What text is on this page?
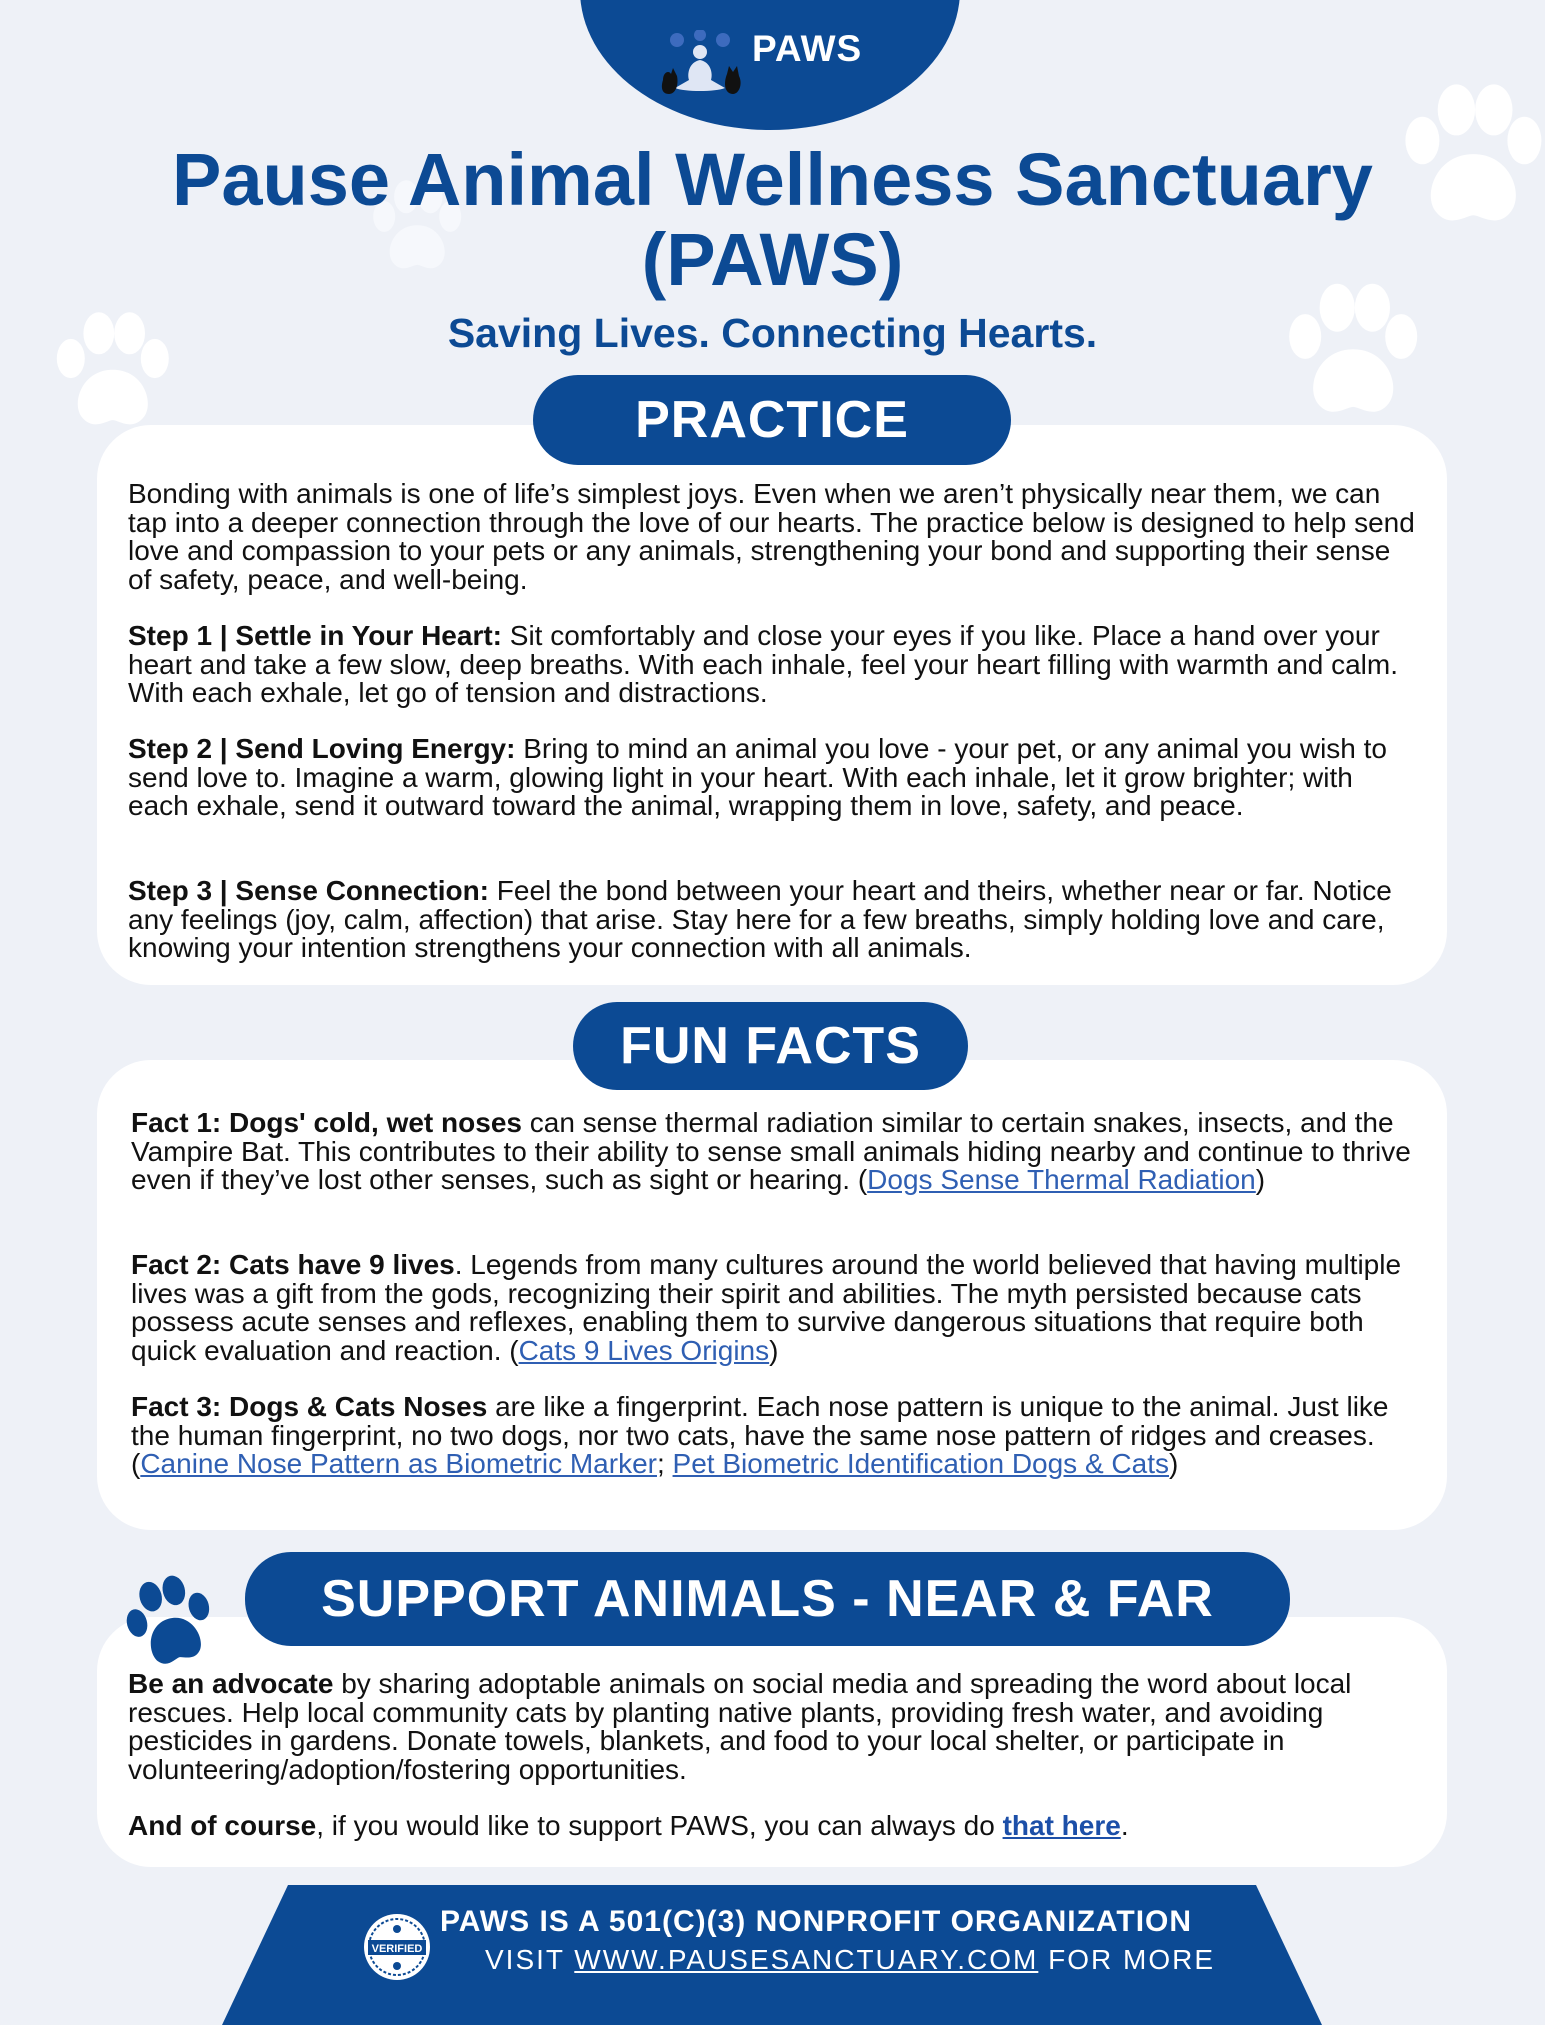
PAWS
Pause Animal Wellness Sanctuary
(PAWS)
Saving Lives. Connecting Hearts.
PRACTICE

Bonding with animals is one of life’s simplest joys. Even when we aren’t physically near them, we can tap into a deeper connection through the love of our hearts. The practice below is designed to help send love and compassion to your pets or any animals, strengthening your bond and supporting their sense of safety, peace, and well-being.

Step 1 | Settle in Your Heart: Sit comfortably and close your eyes if you like. Place a hand over your heart and take a few slow, deep breaths. With each inhale, feel your heart filling with warmth and calm. With each exhale, let go of tension and distractions.

Step 2 | Send Loving Energy: Bring to mind an animal you love - your pet, or any animal you wish to send love to. Imagine a warm, glowing light in your heart. With each inhale, let it grow brighter; with each exhale, send it outward toward the animal, wrapping them in love, safety, and peace.

Step 3 | Sense Connection: Feel the bond between your heart and theirs, whether near or far. Notice any feelings (joy, calm, affection) that arise. Stay here for a few breaths, simply holding love and care, knowing your intention strengthens your connection with all animals.

FUN FACTS

Fact 1: Dogs' cold, wet noses can sense thermal radiation similar to certain snakes, insects, and the Vampire Bat. This contributes to their ability to sense small animals hiding nearby and continue to thrive even if they’ve lost other senses, such as sight or hearing. (Dogs Sense Thermal Radiation)

Fact 2: Cats have 9 lives. Legends from many cultures around the world believed that having multiple lives was a gift from the gods, recognizing their spirit and abilities. The myth persisted because cats possess acute senses and reflexes, enabling them to survive dangerous situations that require both quick evaluation and reaction. (Cats 9 Lives Origins)

Fact 3: Dogs & Cats Noses are like a fingerprint. Each nose pattern is unique to the animal. Just like the human fingerprint, no two dogs, nor two cats, have the same nose pattern of ridges and creases. (Canine Nose Pattern as Biometric Marker; Pet Biometric Identification Dogs & Cats)

SUPPORT ANIMALS - NEAR & FAR

Be an advocate by sharing adoptable animals on social media and spreading the word about local rescues. Help local community cats by planting native plants, providing fresh water, and avoiding pesticides in gardens. Donate towels, blankets, and food to your local shelter, or participate in volunteering/adoption/fostering opportunities.

And of course, if you would like to support PAWS, you can always do that here.

VERIFIED
PAWS IS A 501(C)(3) NONPROFIT ORGANIZATION
VISIT WWW.PAUSESANCTUARY.COM FOR MORE
